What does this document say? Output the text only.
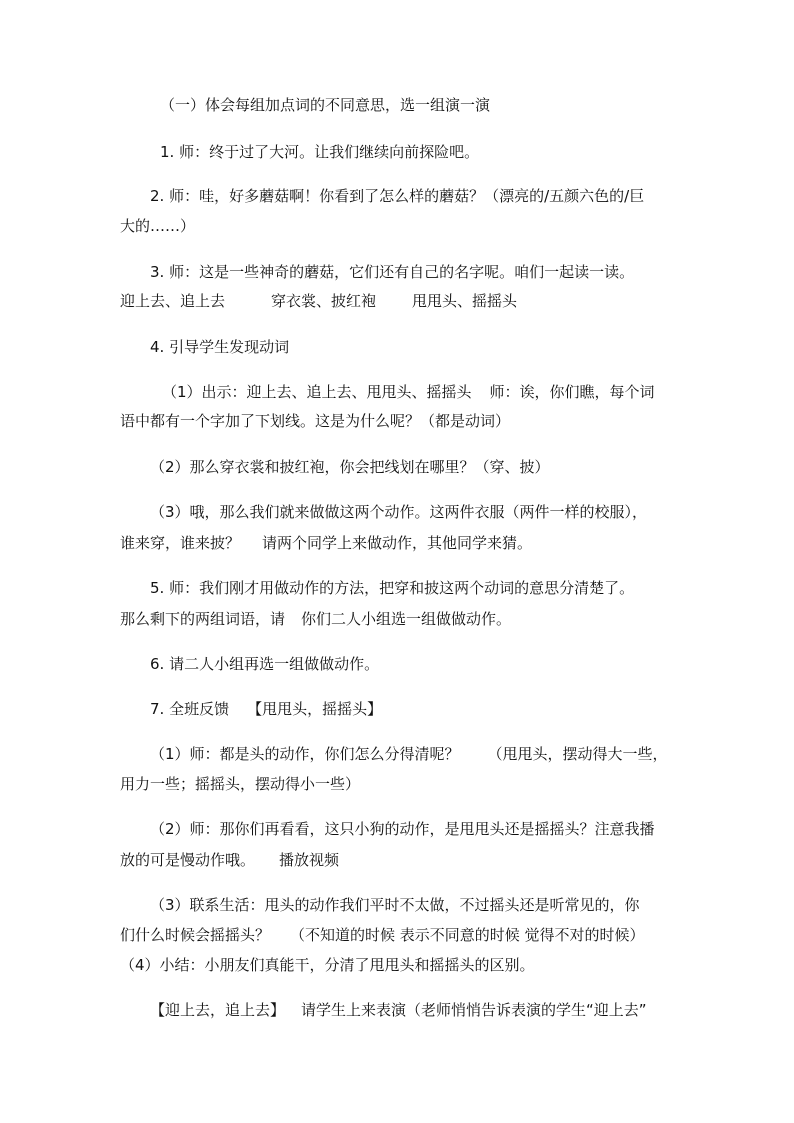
（一）体会每组加点词的不同意思，选一组演一演
1. 师：终于过了大河。让我们继续向前探险吧。
2. 师：哇，好多蘑菇啊！你看到了怎么样的蘑菇？（漂亮的/五颜六色的/巨
大的……）
3. 师：这是一些神奇的蘑菇，它们还有自己的名字呢。咱们一起读一读。
迎上去、追上去	穿衣裳、披红袍 甩甩头、摇摇头
4. 引导学生发现动词
（1）出示：迎上去、追上去、甩甩头、摇摇头 师：诶，你们瞧，每个词
语中都有一个字加了下划线。这是为什么呢？（都是动词）
（2）那么穿衣裳和披红袍，你会把线划在哪里？（穿、披）
（3）哦，那么我们就来做做这两个动作。这两件衣服（两件一样的校服），
谁来穿，谁来披？ 请两个同学上来做动作，其他同学来猜。
5. 师：我们刚才用做动作的方法，把穿和披这两个动词的意思分清楚了。
那么剩下的两组词语，请 你们二人小组选一组做做动作。
6. 请二人小组再选一组做做动作。
7. 全班反馈 【甩甩头，摇摇头】
（1）师：都是头的动作，你们怎么分得清呢？ （甩甩头，摆动得大一些，
用力一些；摇摇头，摆动得小一些）
（2）师：那你们再看看，这只小狗的动作，是甩甩头还是摇摇头？注意我播
放的可是慢动作哦。 播放视频
（3）联系生活：甩头的动作我们平时不太做，不过摇头还是听常见的，你
们什么时候会摇摇头？ （不知道的时候 表示不同意的时候 觉得不对的时候）
（4）小结：小朋友们真能干，分清了甩甩头和摇摇头的区别。
【迎上去，追上去】 请学生上来表演（老师悄悄告诉表演的学生“迎上去”
